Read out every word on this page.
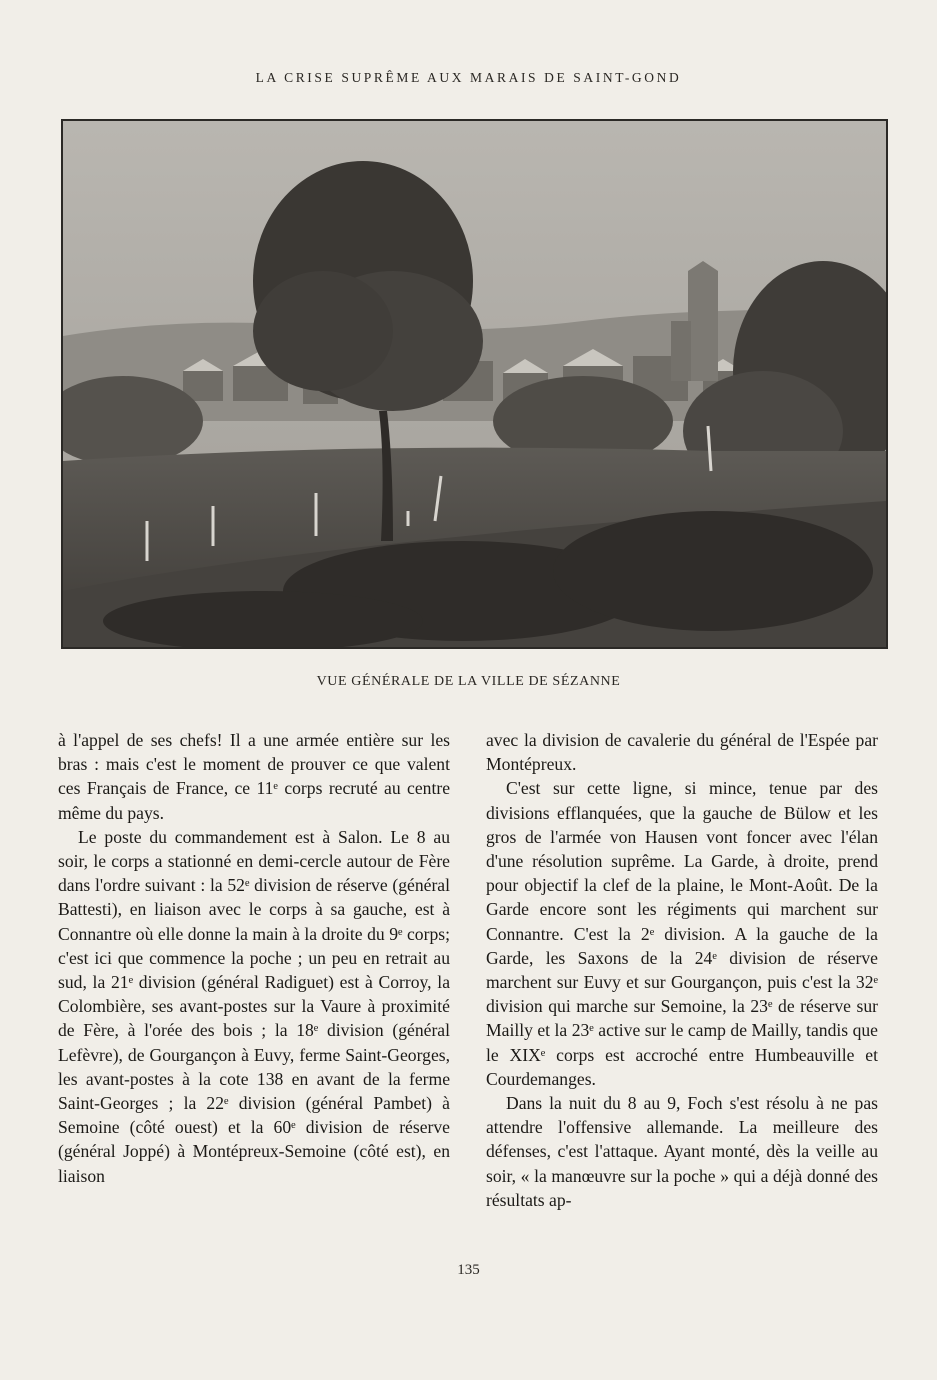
LA CRISE SUPRÊME AUX MARAIS DE SAINT-GOND
VUE GÉNÉRALE DE LA VILLE DE SÉZANNE

à l'appel de ses chefs! Il a une armée entière sur les bras : mais c'est le moment de prouver ce que valent ces Français de France, ce 11ᵉ corps recruté au centre même du pays.

Le poste du commandement est à Salon. Le 8 au soir, le corps a stationné en demi-cercle autour de Fère dans l'ordre suivant : la 52ᵉ division de réserve (général Battesti), en liaison avec le corps à sa gauche, est à Connantre où elle donne la main à la droite du 9ᵉ corps; c'est ici que commence la poche ; un peu en retrait au sud, la 21ᵉ division (général Radiguet) est à Corroy, la Colombière, ses avant-postes sur la Vaure à proximité de Fère, à l'orée des bois ; la 18ᵉ division (général Lefèvre), de Gourgançon à Euvy, ferme Saint-Georges, les avant-postes à la cote 138 en avant de la ferme Saint-Georges ; la 22ᵉ division (général Pambet) à Semoine (côté ouest) et la 60ᵉ division de réserve (général Joppé) à Montépreux-Semoine (côté est), en liaison

avec la division de cavalerie du général de l'Espée par Montépreux.

C'est sur cette ligne, si mince, tenue par des divisions efflanquées, que la gauche de Bülow et les gros de l'armée von Hausen vont foncer avec l'élan d'une résolution suprême. La Garde, à droite, prend pour objectif la clef de la plaine, le Mont-Août. De la Garde encore sont les régiments qui marchent sur Connantre. C'est la 2ᵉ division. A la gauche de la Garde, les Saxons de la 24ᵉ division de réserve marchent sur Euvy et sur Gourgançon, puis c'est la 32ᵉ division qui marche sur Semoine, la 23ᵉ de réserve sur Mailly et la 23ᵉ active sur le camp de Mailly, tandis que le XIXᵉ corps est accroché entre Humbeauville et Courdemanges.

Dans la nuit du 8 au 9, Foch s'est résolu à ne pas attendre l'offensive allemande. La meilleure des défenses, c'est l'attaque. Ayant monté, dès la veille au soir, « la manœuvre sur la poche » qui a déjà donné des résultats ap-

135
